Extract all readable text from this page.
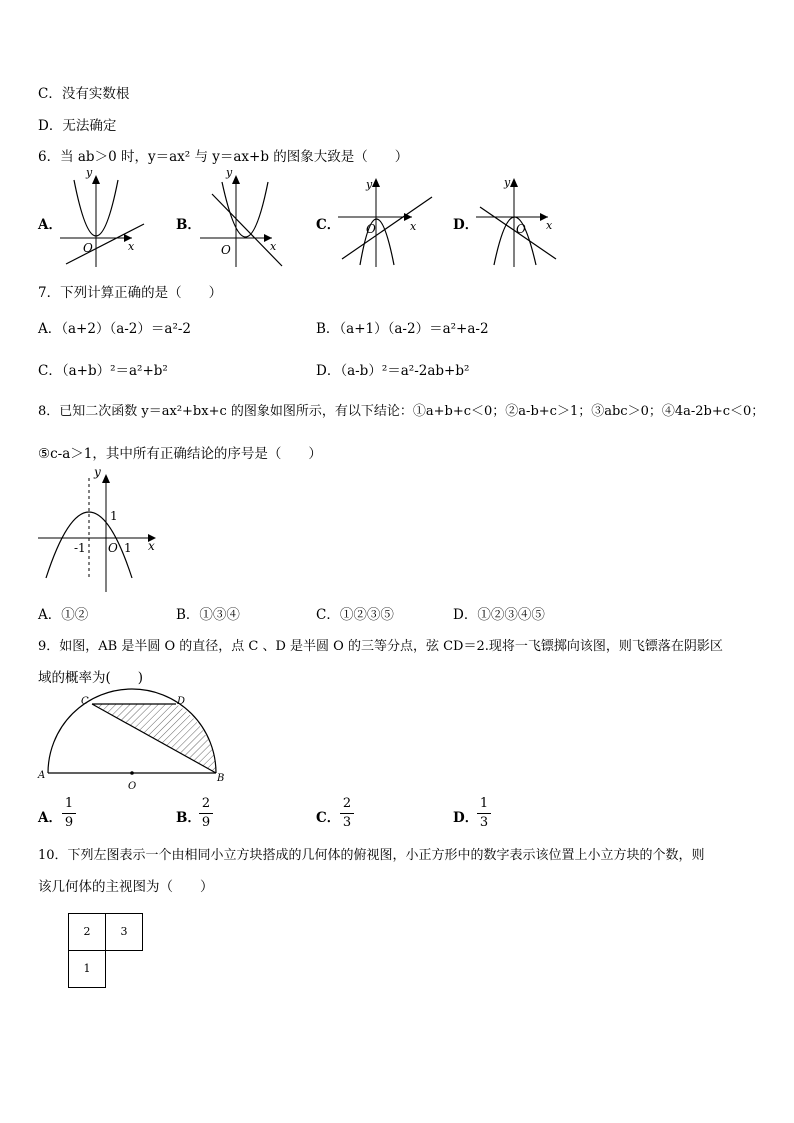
C．没有实数根
D．无法确定
6．当 ab＞0 时，y＝ax² 与 y＝ax+b 的图象大致是（　　）
A．
y
x
O
B．
y
x
O
C．
y
x
O	D．
y
x
O
7．下列计算正确的是（　　）
A．（a+2）（a-2）＝a²-2	B．（a+1）（a-2）＝a²+a-2
C．（a+b）²＝a²+b²	D．（a-b）²＝a²-2ab+b²
8．已知二次函数 y＝ax²+bx+c 的图象如图所示，有以下结论：①a+b+c＜0；②a-b+c＞1；③abc＞0；④4a-2b+c＜0；
⑤c-a＞1，其中所有正确结论的序号是（　　）
y
x
O
-1	1
1
A．①②	B．①③④	C．①②③⑤	D．①②③④⑤
9．如图，AB 是半圆 O 的直径，点 C 、D 是半圆 O 的三等分点，弦 CD＝2.现将一飞镖掷向该图，则飞镖落在阴影区
域的概率为(　　)
A	B
C	D
O
A．
1
9	B．
2
9	C．
2
3	D．
1
3
10．下列左图表示一个由相同小立方块搭成的几何体的俯视图，小正方形中的数字表示该位置上小立方块的个数，则
该几何体的主视图为（　　）
2	3
1
